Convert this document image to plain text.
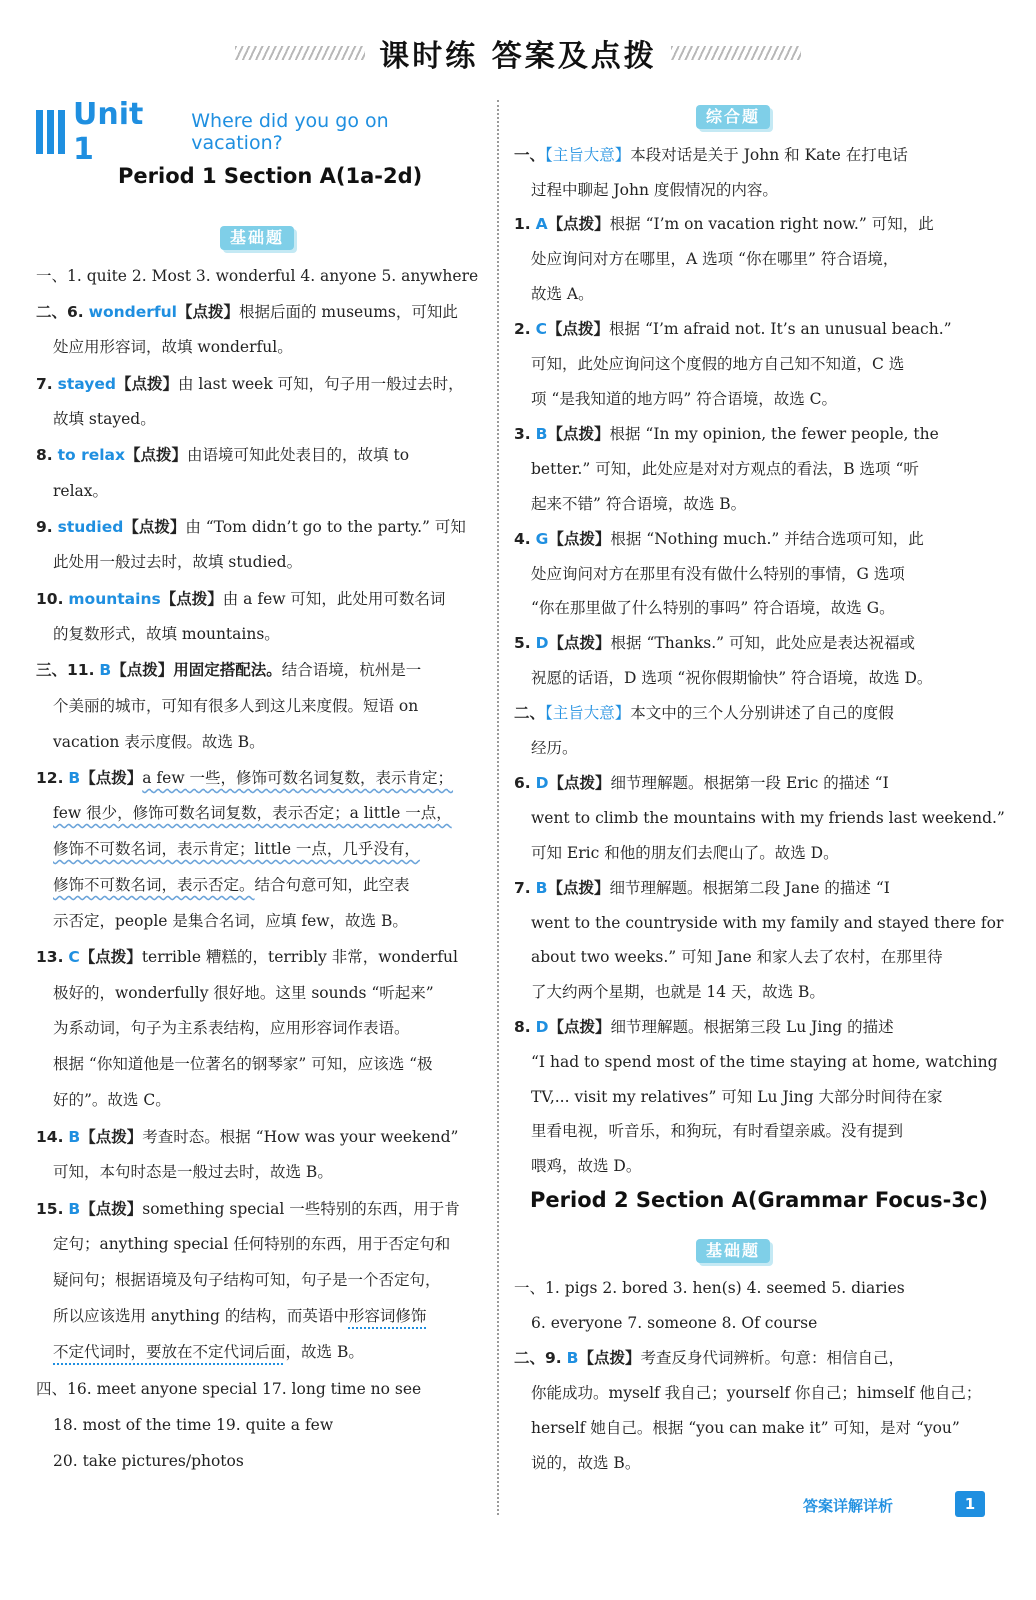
课时练 答案及点拨
Unit 1
Where did you go on vacation?
Period 1 Section A(1a-2d)
基础题
一、1. quite 2. Most 3. wonderful 4. anyone 5. anywhere
二、6. wonderful【点拨】根据后面的 museums，可知此
处应用形容词，故填 wonderful。
7. stayed【点拨】由 last week 可知，句子用一般过去时，
故填 stayed。
8. to relax【点拨】由语境可知此处表目的，故填 to
relax。
9. studied【点拨】由 “Tom didn’t go to the party.” 可知
此处用一般过去时，故填 studied。
10. mountains【点拨】由 a few 可知，此处用可数名词
的复数形式，故填 mountains。
三、11. B【点拨】用固定搭配法。结合语境，杭州是一
个美丽的城市，可知有很多人到这儿来度假。短语 on
vacation 表示度假。故选 B。
12. B【点拨】a few 一些，修饰可数名词复数，表示肯定；
few 很少，修饰可数名词复数，表示否定；a little 一点，
修饰不可数名词，表示肯定；little 一点，几乎没有，
修饰不可数名词，表示否定。结合句意可知，此空表
示否定，people 是集合名词，应填 few，故选 B。
13. C【点拨】terrible 糟糕的，terribly 非常，wonderful
极好的，wonderfully 很好地。这里 sounds “听起来”
为系动词，句子为主系表结构，应用形容词作表语。
根据 “你知道他是一位著名的钢琴家” 可知，应该选 “极
好的”。故选 C。
14. B【点拨】考查时态。根据 “How was your weekend”
可知，本句时态是一般过去时，故选 B。
15. B【点拨】something special 一些特别的东西，用于肯
定句；anything special 任何特别的东西，用于否定句和
疑问句；根据语境及句子结构可知，句子是一个否定句，
所以应该选用 anything 的结构，而英语中形容词修饰
不定代词时，要放在不定代词后面，故选 B。
四、16. meet anyone special 17. long time no see
18. most of the time 19. quite a few
20. take pictures/photos
综合题
一、【主旨大意】本段对话是关于 John 和 Kate 在打电话
过程中聊起 John 度假情况的内容。
1. A【点拨】根据 “I’m on vacation right now.” 可知，此
处应询问对方在哪里，A 选项 “你在哪里” 符合语境，
故选 A。
2. C【点拨】根据 “I’m afraid not. It’s an unusual beach.”
可知，此处应询问这个度假的地方自己知不知道，C 选
项 “是我知道的地方吗” 符合语境，故选 C。
3. B【点拨】根据 “In my opinion, the fewer people, the
better.” 可知，此处应是对对方观点的看法，B 选项 “听
起来不错” 符合语境，故选 B。
4. G【点拨】根据 “Nothing much.” 并结合选项可知，此
处应询问对方在那里有没有做什么特别的事情，G 选项
“你在那里做了什么特别的事吗” 符合语境，故选 G。
5. D【点拨】根据 “Thanks.” 可知，此处应是表达祝福或
祝愿的话语，D 选项 “祝你假期愉快” 符合语境，故选 D。
二、【主旨大意】本文中的三个人分别讲述了自己的度假
经历。
6. D【点拨】细节理解题。根据第一段 Eric 的描述 “I
went to climb the mountains with my friends last weekend.”
可知 Eric 和他的朋友们去爬山了。故选 D。
7. B【点拨】细节理解题。根据第二段 Jane 的描述 “I
went to the countryside with my family and stayed there for
about two weeks.” 可知 Jane 和家人去了农村，在那里待
了大约两个星期，也就是 14 天，故选 B。
8. D【点拨】细节理解题。根据第三段 Lu Jing 的描述
“I had to spend most of the time staying at home, watching
TV,... visit my relatives” 可知 Lu Jing 大部分时间待在家
里看电视，听音乐，和狗玩，有时看望亲戚。没有提到
喂鸡，故选 D。
Period 2 Section A(Grammar Focus-3c)
基础题
一、1. pigs 2. bored 3. hen(s) 4. seemed 5. diaries
6. everyone 7. someone 8. Of course
二、9. B【点拨】考查反身代词辨析。句意：相信自己，
你能成功。myself 我自己；yourself 你自己；himself 他自己；
herself 她自己。根据 “you can make it” 可知，是对 “you”
说的，故选 B。
答案详解详析	1
